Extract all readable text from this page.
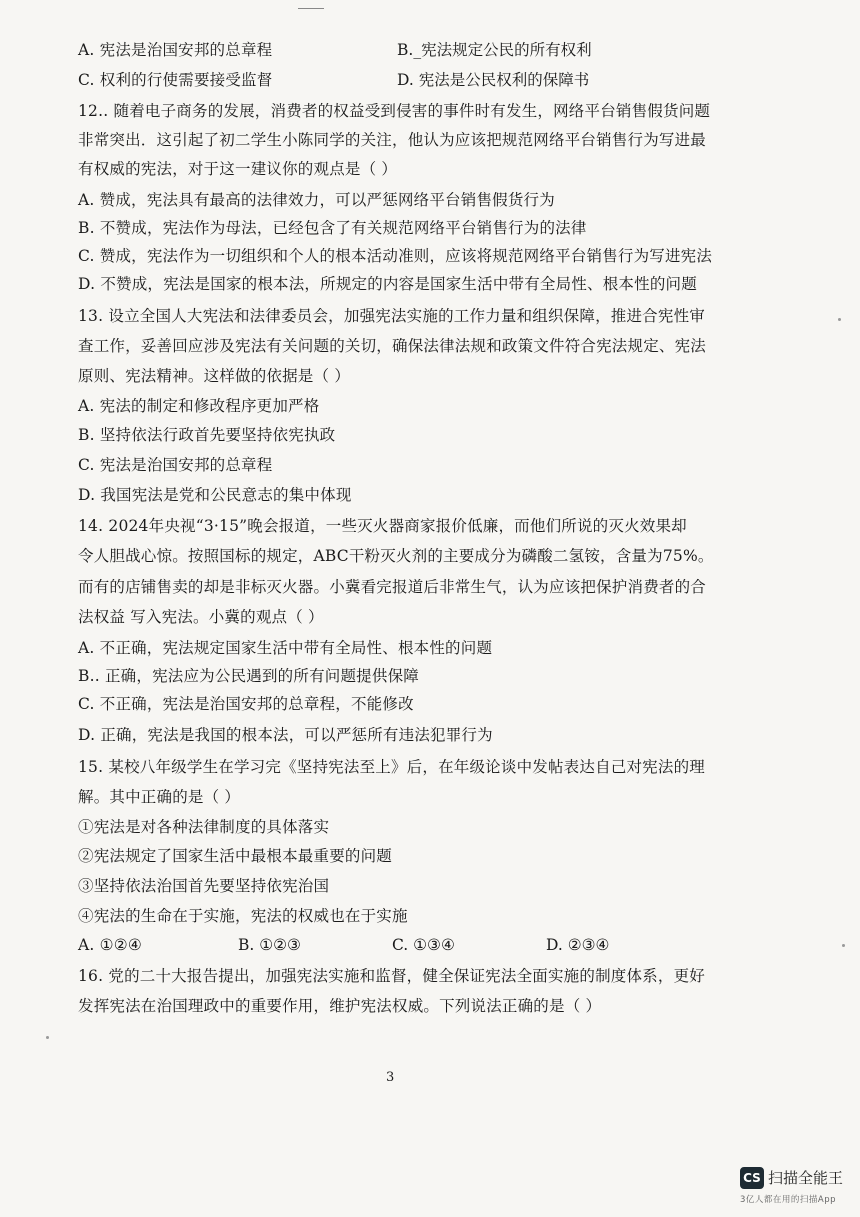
A. 宪法是治国安邦的总章程	B._宪法规定公民的所有权利
C. 权利的行使需要接受监督	D. 宪法是公民权利的保障书
12.. 随着电子商务的发展，消费者的权益受到侵害的事件时有发生，网络平台销售假货问题
非常突出．这引起了初二学生小陈同学的关注，他认为应该把规范网络平台销售行为写进最
有权威的宪法，对于这一建议你的观点是（ ）
A. 赞成，宪法具有最高的法律效力，可以严惩网络平台销售假货行为
B. 不赞成，宪法作为母法，已经包含了有关规范网络平台销售行为的法律
C. 赞成，宪法作为一切组织和个人的根本活动准则，应该将规范网络平台销售行为写进宪法
D. 不赞成，宪法是国家的根本法，所规定的内容是国家生活中带有全局性、根本性的问题
13. 设立全国人大宪法和法律委员会，加强宪法实施的工作力量和组织保障，推进合宪性审
查工作，妥善回应涉及宪法有关问题的关切，确保法律法规和政策文件符合宪法规定、宪法
原则、宪法精神。这样做的依据是（ ）
A. 宪法的制定和修改程序更加严格
B. 坚持依法行政首先要坚持依宪执政
C. 宪法是治国安邦的总章程
D. 我国宪法是党和公民意志的集中体现
14. 2024年央视“3·15”晚会报道，一些灭火器商家报价低廉，而他们所说的灭火效果却
令人胆战心惊。按照国标的规定，ABC干粉灭火剂的主要成分为磷酸二氢铵，含量为75%。
而有的店铺售卖的却是非标灭火器。小冀看完报道后非常生气，认为应该把保护消费者的合
法权益 写入宪法。小冀的观点（ ）
A. 不正确，宪法规定国家生活中带有全局性、根本性的问题
B.. 正确，宪法应为公民遇到的所有问题提供保障
C. 不正确，宪法是治国安邦的总章程，不能修改
D. 正确，宪法是我国的根本法，可以严惩所有违法犯罪行为
15. 某校八年级学生在学习完《坚持宪法至上》后，在年级论谈中发帖表达自己对宪法的理
解。其中正确的是（ ）
①宪法是对各种法律制度的具体落实
②宪法规定了国家生活中最根本最重要的问题
③坚持依法治国首先要坚持依宪治国
④宪法的生命在于实施，宪法的权威也在于实施
A. ①②④	B. ①②③	C. ①③④	D. ②③④
16. 党的二十大报告提出，加强宪法实施和监督，健全保证宪法全面实施的制度体系，更好
发挥宪法在治国理政中的重要作用，维护宪法权威。下列说法正确的是（ ）
3
CS 扫描全能王
3亿人都在用的扫描App
